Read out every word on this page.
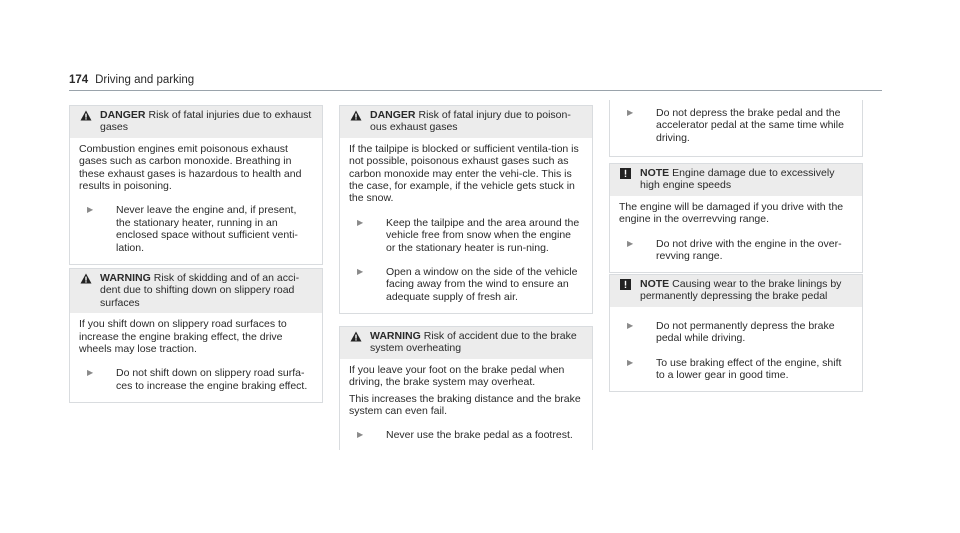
174 Driving and parking
DANGER Risk of fatal injuries due to exhaust gases

Combustion engines emit poisonous exhaust gases such as carbon monoxide. Breathing in these exhaust gases is hazardous to health and results in poisoning.

▶ Never leave the engine and, if present, the stationary heater, running in an enclosed space without sufficient venti-lation.
WARNING Risk of skidding and of an acci-dent due to shifting down on slippery road surfaces

If you shift down on slippery road surfaces to increase the engine braking effect, the drive wheels may lose traction.

▶ Do not shift down on slippery road surfa-ces to increase the engine braking effect.
DANGER Risk of fatal injury due to poison-ous exhaust gases

If the tailpipe is blocked or sufficient ventila-tion is not possible, poisonous exhaust gases such as carbon monoxide may enter the vehi-cle. This is the case, for example, if the vehicle gets stuck in the snow.

▶ Keep the tailpipe and the area around the vehicle free from snow when the engine or the stationary heater is run-ning.
▶ Open a window on the side of the vehicle facing away from the wind to ensure an adequate supply of fresh air.
WARNING Risk of accident due to the brake system overheating

If you leave your foot on the brake pedal when driving, the brake system may overheat.

This increases the braking distance and the brake system can even fail.

▶ Never use the brake pedal as a footrest.
▶ Do not depress the brake pedal and the accelerator pedal at the same time while driving.
NOTE Engine damage due to excessively high engine speeds

The engine will be damaged if you drive with the engine in the overrevving range.

▶ Do not drive with the engine in the over-revving range.
NOTE Causing wear to the brake linings by permanently depressing the brake pedal
▶ Do not permanently depress the brake pedal while driving.
▶ To use braking effect of the engine, shift to a lower gear in good time.
